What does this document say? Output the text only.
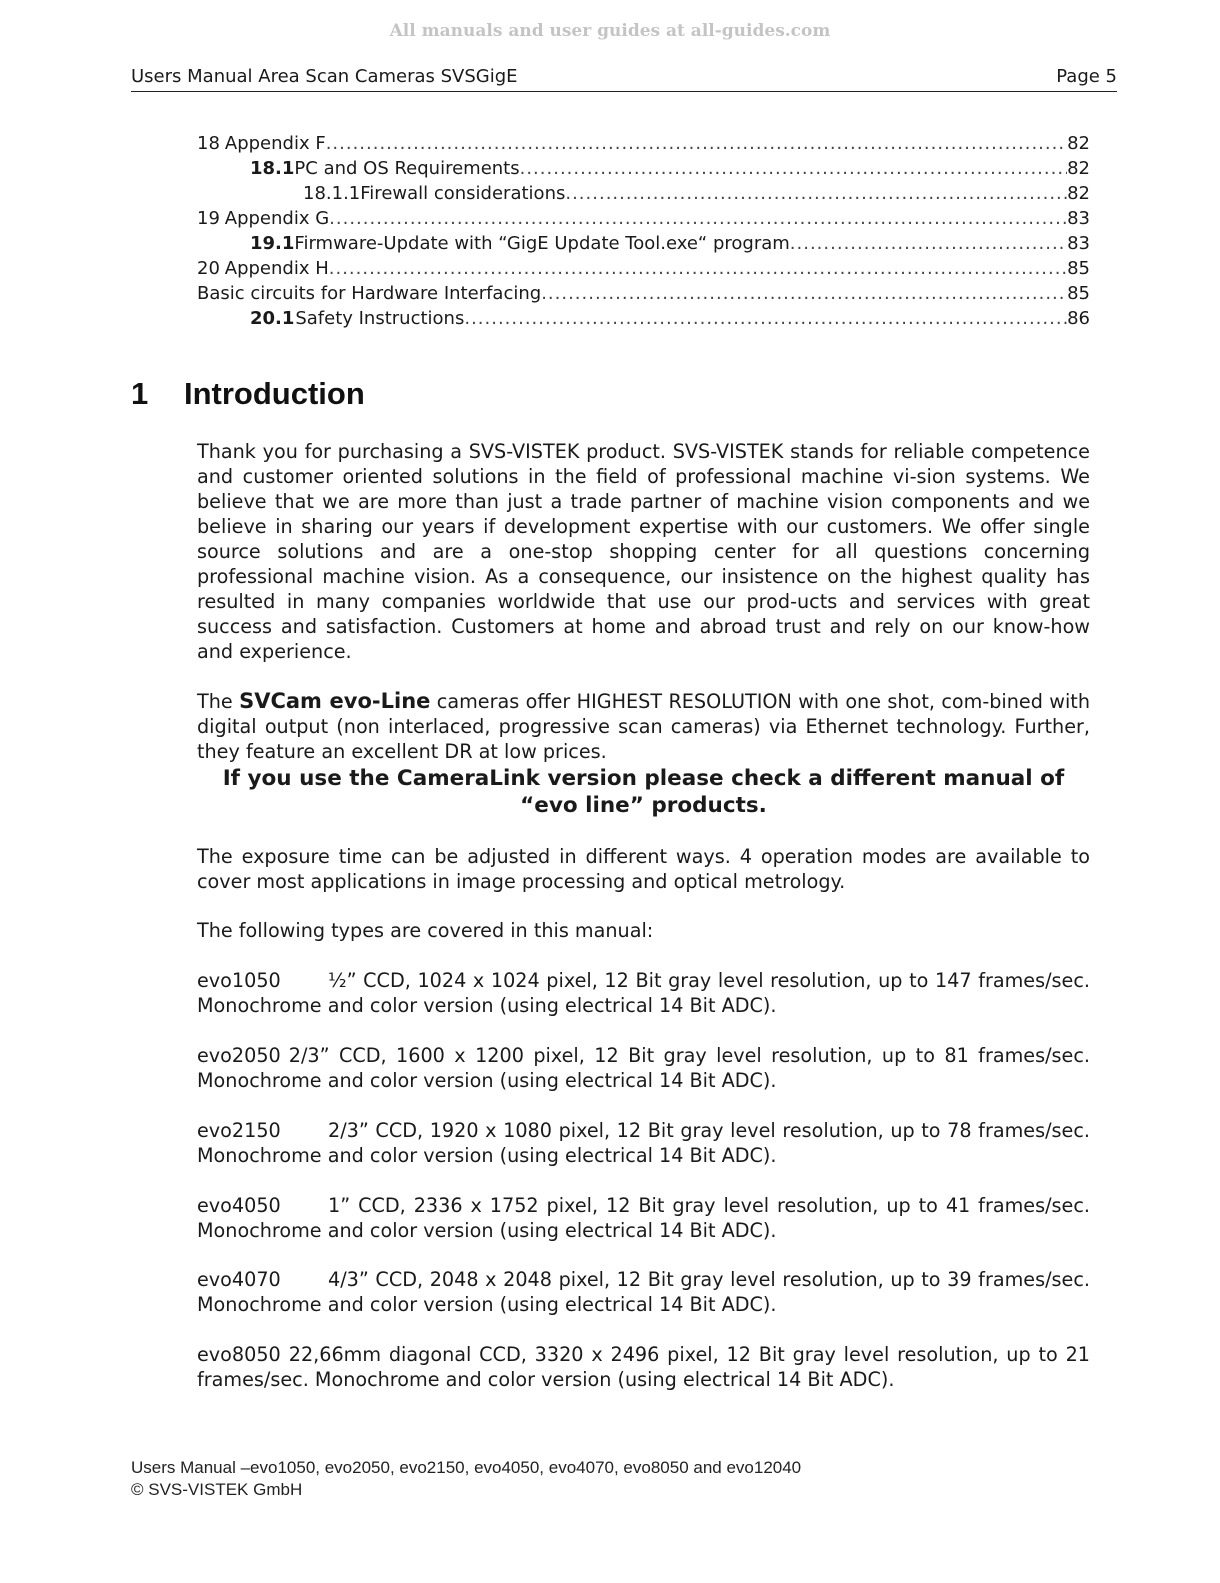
All manuals and user guides at all-guides.com
Users Manual Area Scan Cameras SVSGigE	Page 5
18 Appendix F .....	82
18.1 PC and OS Requirements .....	82
18.1.1 Firewall considerations .....	82
19 Appendix G .....	83
19.1 Firmware-Update with “GigE Update Tool.exe“ program .....	83
20 Appendix H .....	85
Basic circuits for Hardware Interfacing .....	85
20.1 Safety Instructions .....	86
1 Introduction

Thank you for purchasing a SVS-VISTEK product. SVS-VISTEK stands for reliable competence and customer oriented solutions in the field of professional machine vi-sion systems. We believe that we are more than just a trade partner of machine vision components and we believe in sharing our years if development expertise with our customers. We offer single source solutions and are a one-stop shopping center for all questions concerning professional machine vision. As a consequence, our insistence on the highest quality has resulted in many companies worldwide that use our prod-ucts and services with great success and satisfaction. Customers at home and abroad trust and rely on our know-how and experience.

The SVCam evo-Line cameras offer HIGHEST RESOLUTION with one shot, com-bined with digital output (non interlaced, progressive scan cameras) via Ethernet technology. Further, they feature an excellent DR at low prices.

If you use the CameraLink version please check a different manual of “evo line” products.

The exposure time can be adjusted in different ways. 4 operation modes are available to cover most applications in image processing and optical metrology.

The following types are covered in this manual:

evo1050 ½” CCD, 1024 x 1024 pixel, 12 Bit gray level resolution, up to 147 frames/sec. Monochrome and color version (using electrical 14 Bit ADC).

evo2050 2/3” CCD, 1600 x 1200 pixel, 12 Bit gray level resolution, up to 81 frames/sec. Monochrome and color version (using electrical 14 Bit ADC).

evo2150 2/3” CCD, 1920 x 1080 pixel, 12 Bit gray level resolution, up to 78 frames/sec. Monochrome and color version (using electrical 14 Bit ADC).

evo4050 1” CCD, 2336 x 1752 pixel, 12 Bit gray level resolution, up to 41 frames/sec. Monochrome and color version (using electrical 14 Bit ADC).

evo4070 4/3” CCD, 2048 x 2048 pixel, 12 Bit gray level resolution, up to 39 frames/sec. Monochrome and color version (using electrical 14 Bit ADC).

evo8050 22,66mm diagonal CCD, 3320 x 2496 pixel, 12 Bit gray level resolution, up to 21 frames/sec. Monochrome and color version (using electrical 14 Bit ADC).

Users Manual –evo1050, evo2050, evo2150, evo4050, evo4070, evo8050 and evo12040
© SVS-VISTEK GmbH
